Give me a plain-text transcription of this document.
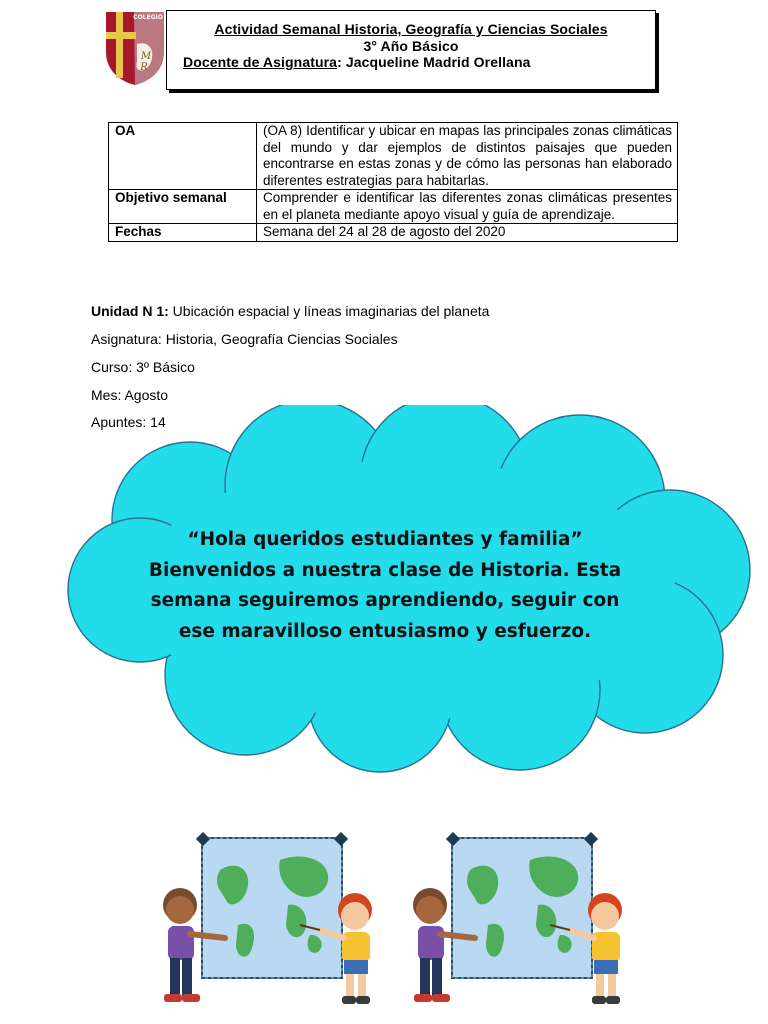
M
R
COLEGIO
Actividad Semanal Historia, Geografía y Ciencias Sociales
3° Año Básico
Docente de Asignatura: Jacqueline Madrid Orellana
OA	(OA 8) Identificar y ubicar en mapas las principales zonas climáticas del mundo y dar ejemplos de distintos paisajes que pueden encontrarse en estas zonas y de cómo las personas han elaborado diferentes estrategias para habitarlas.
Objetivo semanal	Comprender e identificar las diferentes zonas climáticas presentes en el planeta mediante apoyo visual y guía de aprendizaje.
Fechas	Semana del 24 al 28 de agosto del 2020
Unidad N 1: Ubicación espacial y líneas imaginarias del planeta
Asignatura: Historia, Geografía Ciencias Sociales
Curso: 3º Básico
Mes: Agosto
Apuntes: 14
“Hola queridos estudiantes y familia”
Bienvenidos a nuestra clase de Historia. Esta
semana seguiremos aprendiendo, seguir con
ese maravilloso entusiasmo y esfuerzo.
